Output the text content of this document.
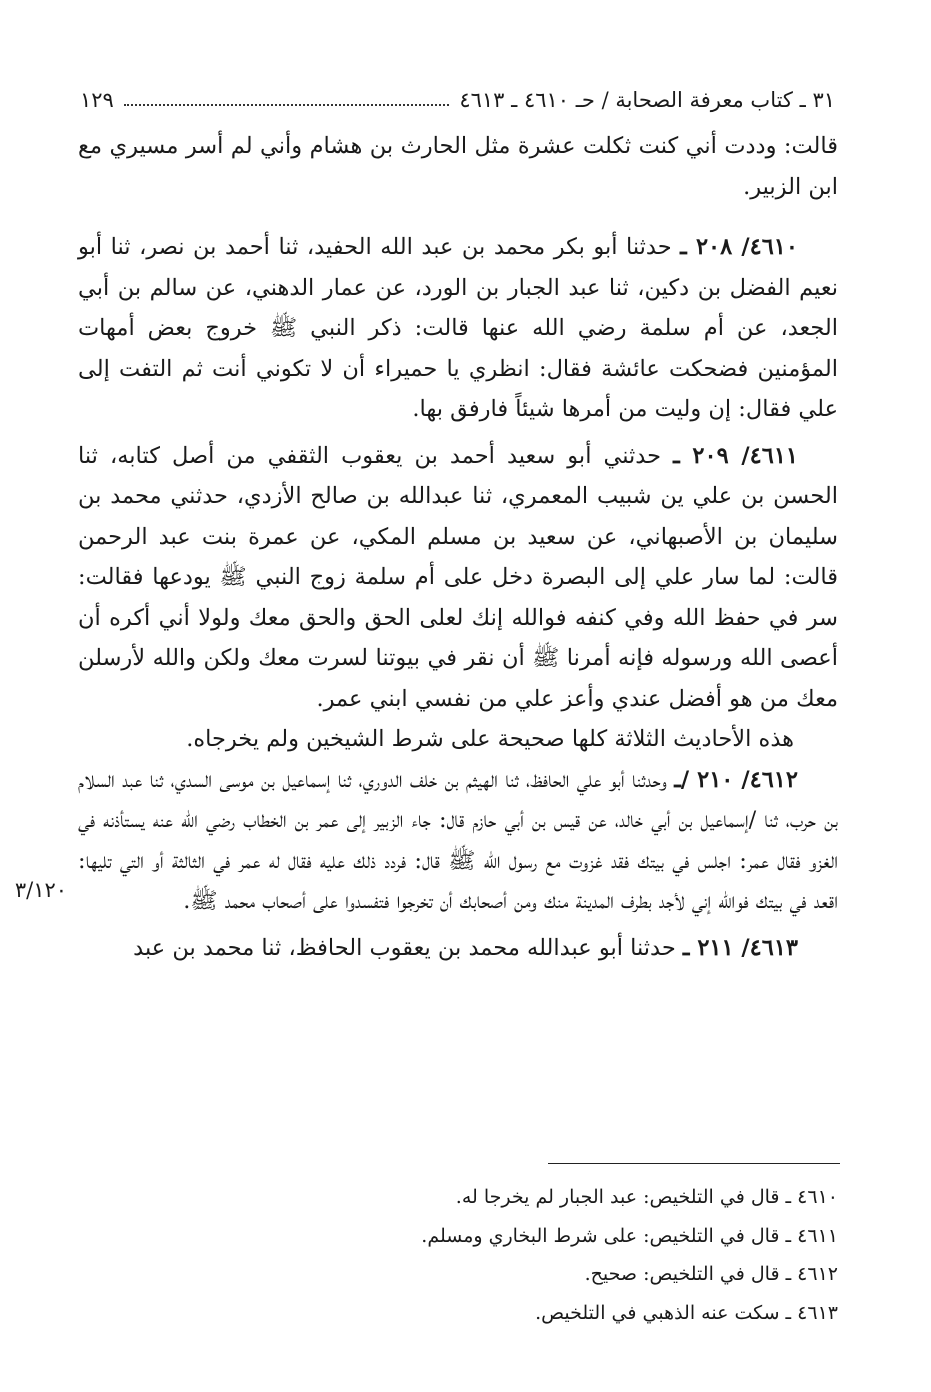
٣١ ـ كتاب معرفة الصحابة / حـ ٤٦١٠ ـ ٤٦١٣
١٢٩

قالت: وددت أني كنت ثكلت عشرة مثل الحارث بن هشام وأني لم أسر مسيري مع ابن الزبير.

٤٦١٠/ ٢٠٨ ـ حدثنا أبو بكر محمد بن عبد الله الحفيد، ثنا أحمد بن نصر، ثنا أبو نعيم الفضل بن دكين، ثنا عبد الجبار بن الورد، عن عمار الدهني، عن سالم بن أبي الجعد، عن أم سلمة رضي الله عنها قالت: ذكر النبي ﷺ خروج بعض أمهات المؤمنين فضحكت عائشة فقال: انظري يا حميراء أن لا تكوني أنت ثم التفت إلى علي فقال: إن وليت من أمرها شيئاً فارفق بها.

٤٦١١/ ٢٠٩ ـ حدثني أبو سعيد أحمد بن يعقوب الثقفي من أصل كتابه، ثنا الحسن بن علي ين شبيب المعمري، ثنا عبدالله بن صالح الأزدي، حدثني محمد بن سليمان بن الأصبهاني، عن سعيد بن مسلم المكي، عن عمرة بنت عبد الرحمن قالت: لما سار علي إلى البصرة دخل على أم سلمة زوج النبي ﷺ يودعها فقالت: سر في حفظ الله وفي كنفه فوالله إنك لعلى الحق والحق معك ولولا أني أكره أن أعصى الله ورسوله فإنه أمرنا ﷺ أن نقر في بيوتنا لسرت معك ولكن والله لأرسلن معك من هو أفضل عندي وأعز علي من نفسي ابني عمر.

هذه الأحاديث الثلاثة كلها صحيحة على شرط الشيخين ولم يخرجاه.

٤٦١٢/ ٢١٠ /ـ وحدثنا أبو علي الحافظ، ثنا الهيثم بن خلف الدوري، ثنا إسماعيل بن موسى السدي، ثنا عبد السلام بن حرب، ثنا /إسماعيل بن أبي خالد، عن قيس بن أبي حازم قال: جاء الزبير إلى عمر بن الخطاب رضي الله عنه يستأذنه في الغزو فقال عمر: اجلس في بيتك فقد غزوت مع رسول الله ﷺ قال: فردد ذلك عليه فقال له عمر في الثالثة أو التي تليها: اقعد في بيتك فوالله إني لأجد بطرف المدينة منك ومن أصحابك أن تخرجوا فتفسدوا على أصحاب محمد ﷺ.

٤٦١٣/ ٢١١ ـ حدثنا أبو عبدالله محمد بن يعقوب الحافظ، ثنا محمد بن عبد

٣/١٢٠
٤٦١٠ ـ قال في التلخيص: عبد الجبار لم يخرجا له.
٤٦١١ ـ قال في التلخيص: على شرط البخاري ومسلم.
٤٦١٢ ـ قال في التلخيص: صحيح.
٤٦١٣ ـ سكت عنه الذهبي في التلخيص.
